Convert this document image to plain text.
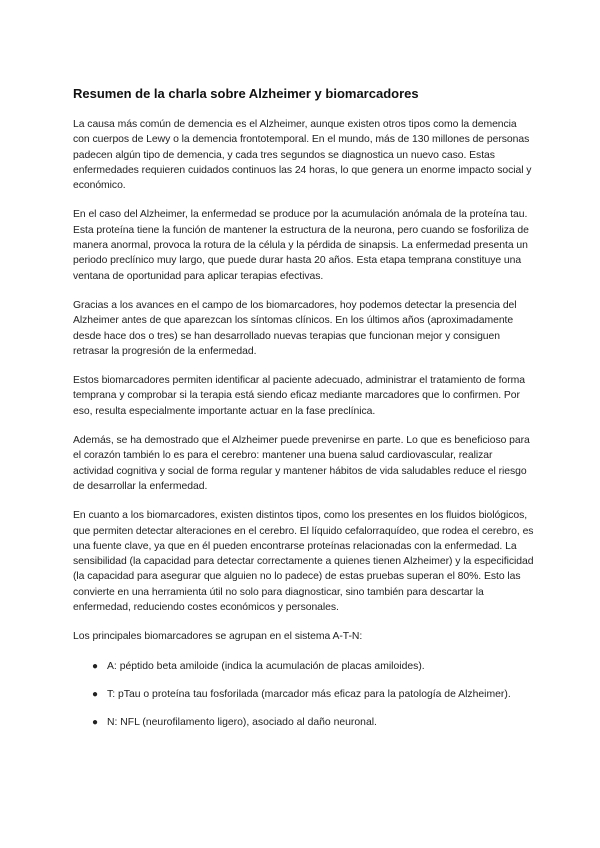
Resumen de la charla sobre Alzheimer y biomarcadores

La causa más común de demencia es el Alzheimer, aunque existen otros tipos como la demencia con cuerpos de Lewy o la demencia frontotemporal. En el mundo, más de 130 millones de personas padecen algún tipo de demencia, y cada tres segundos se diagnostica un nuevo caso. Estas enfermedades requieren cuidados continuos las 24 horas, lo que genera un enorme impacto social y económico.

En el caso del Alzheimer, la enfermedad se produce por la acumulación anómala de la proteína tau. Esta proteína tiene la función de mantener la estructura de la neurona, pero cuando se fosforiliza de manera anormal, provoca la rotura de la célula y la pérdida de sinapsis. La enfermedad presenta un periodo preclínico muy largo, que puede durar hasta 20 años. Esta etapa temprana constituye una ventana de oportunidad para aplicar terapias efectivas.

Gracias a los avances en el campo de los biomarcadores, hoy podemos detectar la presencia del Alzheimer antes de que aparezcan los síntomas clínicos. En los últimos años (aproximadamente desde hace dos o tres) se han desarrollado nuevas terapias que funcionan mejor y consiguen retrasar la progresión de la enfermedad.

Estos biomarcadores permiten identificar al paciente adecuado, administrar el tratamiento de forma temprana y comprobar si la terapia está siendo eficaz mediante marcadores que lo confirmen. Por eso, resulta especialmente importante actuar en la fase preclínica.

Además, se ha demostrado que el Alzheimer puede prevenirse en parte. Lo que es beneficioso para el corazón también lo es para el cerebro: mantener una buena salud cardiovascular, realizar actividad cognitiva y social de forma regular y mantener hábitos de vida saludables reduce el riesgo de desarrollar la enfermedad.

En cuanto a los biomarcadores, existen distintos tipos, como los presentes en los fluidos biológicos, que permiten detectar alteraciones en el cerebro. El líquido cefalorraquídeo, que rodea el cerebro, es una fuente clave, ya que en él pueden encontrarse proteínas relacionadas con la enfermedad. La sensibilidad (la capacidad para detectar correctamente a quienes tienen Alzheimer) y la especificidad (la capacidad para asegurar que alguien no lo padece) de estas pruebas superan el 80%. Esto las convierte en una herramienta útil no solo para diagnosticar, sino también para descartar la enfermedad, reduciendo costes económicos y personales.

Los principales biomarcadores se agrupan en el sistema A-T-N:

● A: péptido beta amiloide (indica la acumulación de placas amiloides).
● T: pTau o proteína tau fosforilada (marcador más eficaz para la patología de Alzheimer).
● N: NFL (neurofilamento ligero), asociado al daño neuronal.
